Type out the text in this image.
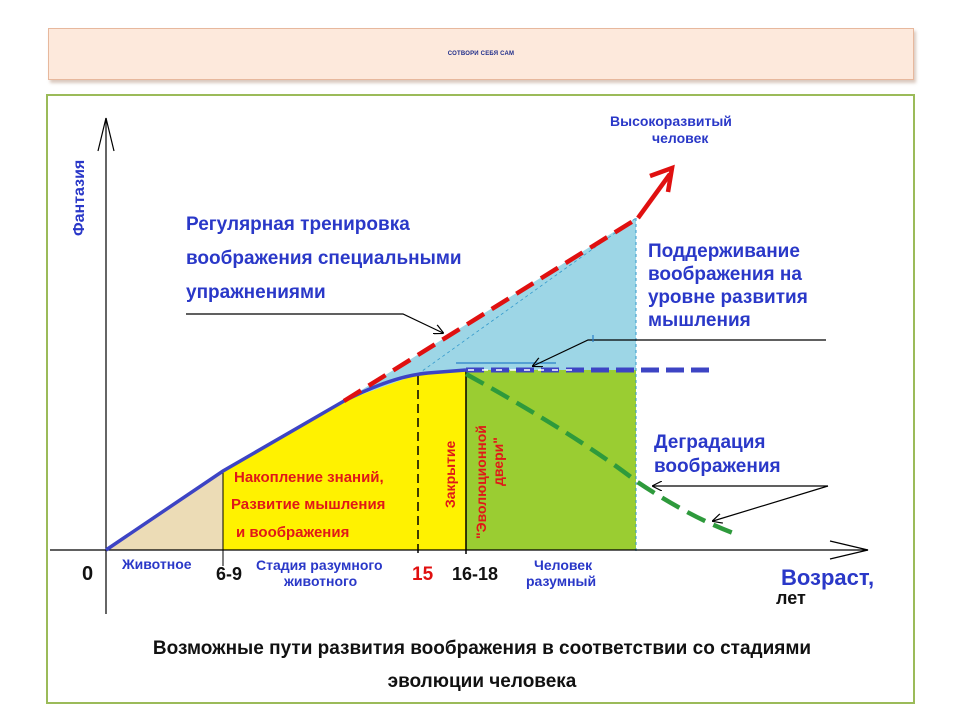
СОТВОРИ СЕБЯ САМ
Фантазия
Возраст,
лет
0	6-9	15 16-18
Животное	Стадия разумного
животного
Человек
разумный
Высокоразвитый
человек
Регулярная тренировка
воображения специальными
упражнениями
Поддерживание
воображения на
уровне развития
мышления
Деградация
воображения
Накопление знаний,
Развитие мышления
и воображения
Закрытие "Эволюционной двери"
Возможные пути развития воображения в соответствии со стадиями
эволюции человека
